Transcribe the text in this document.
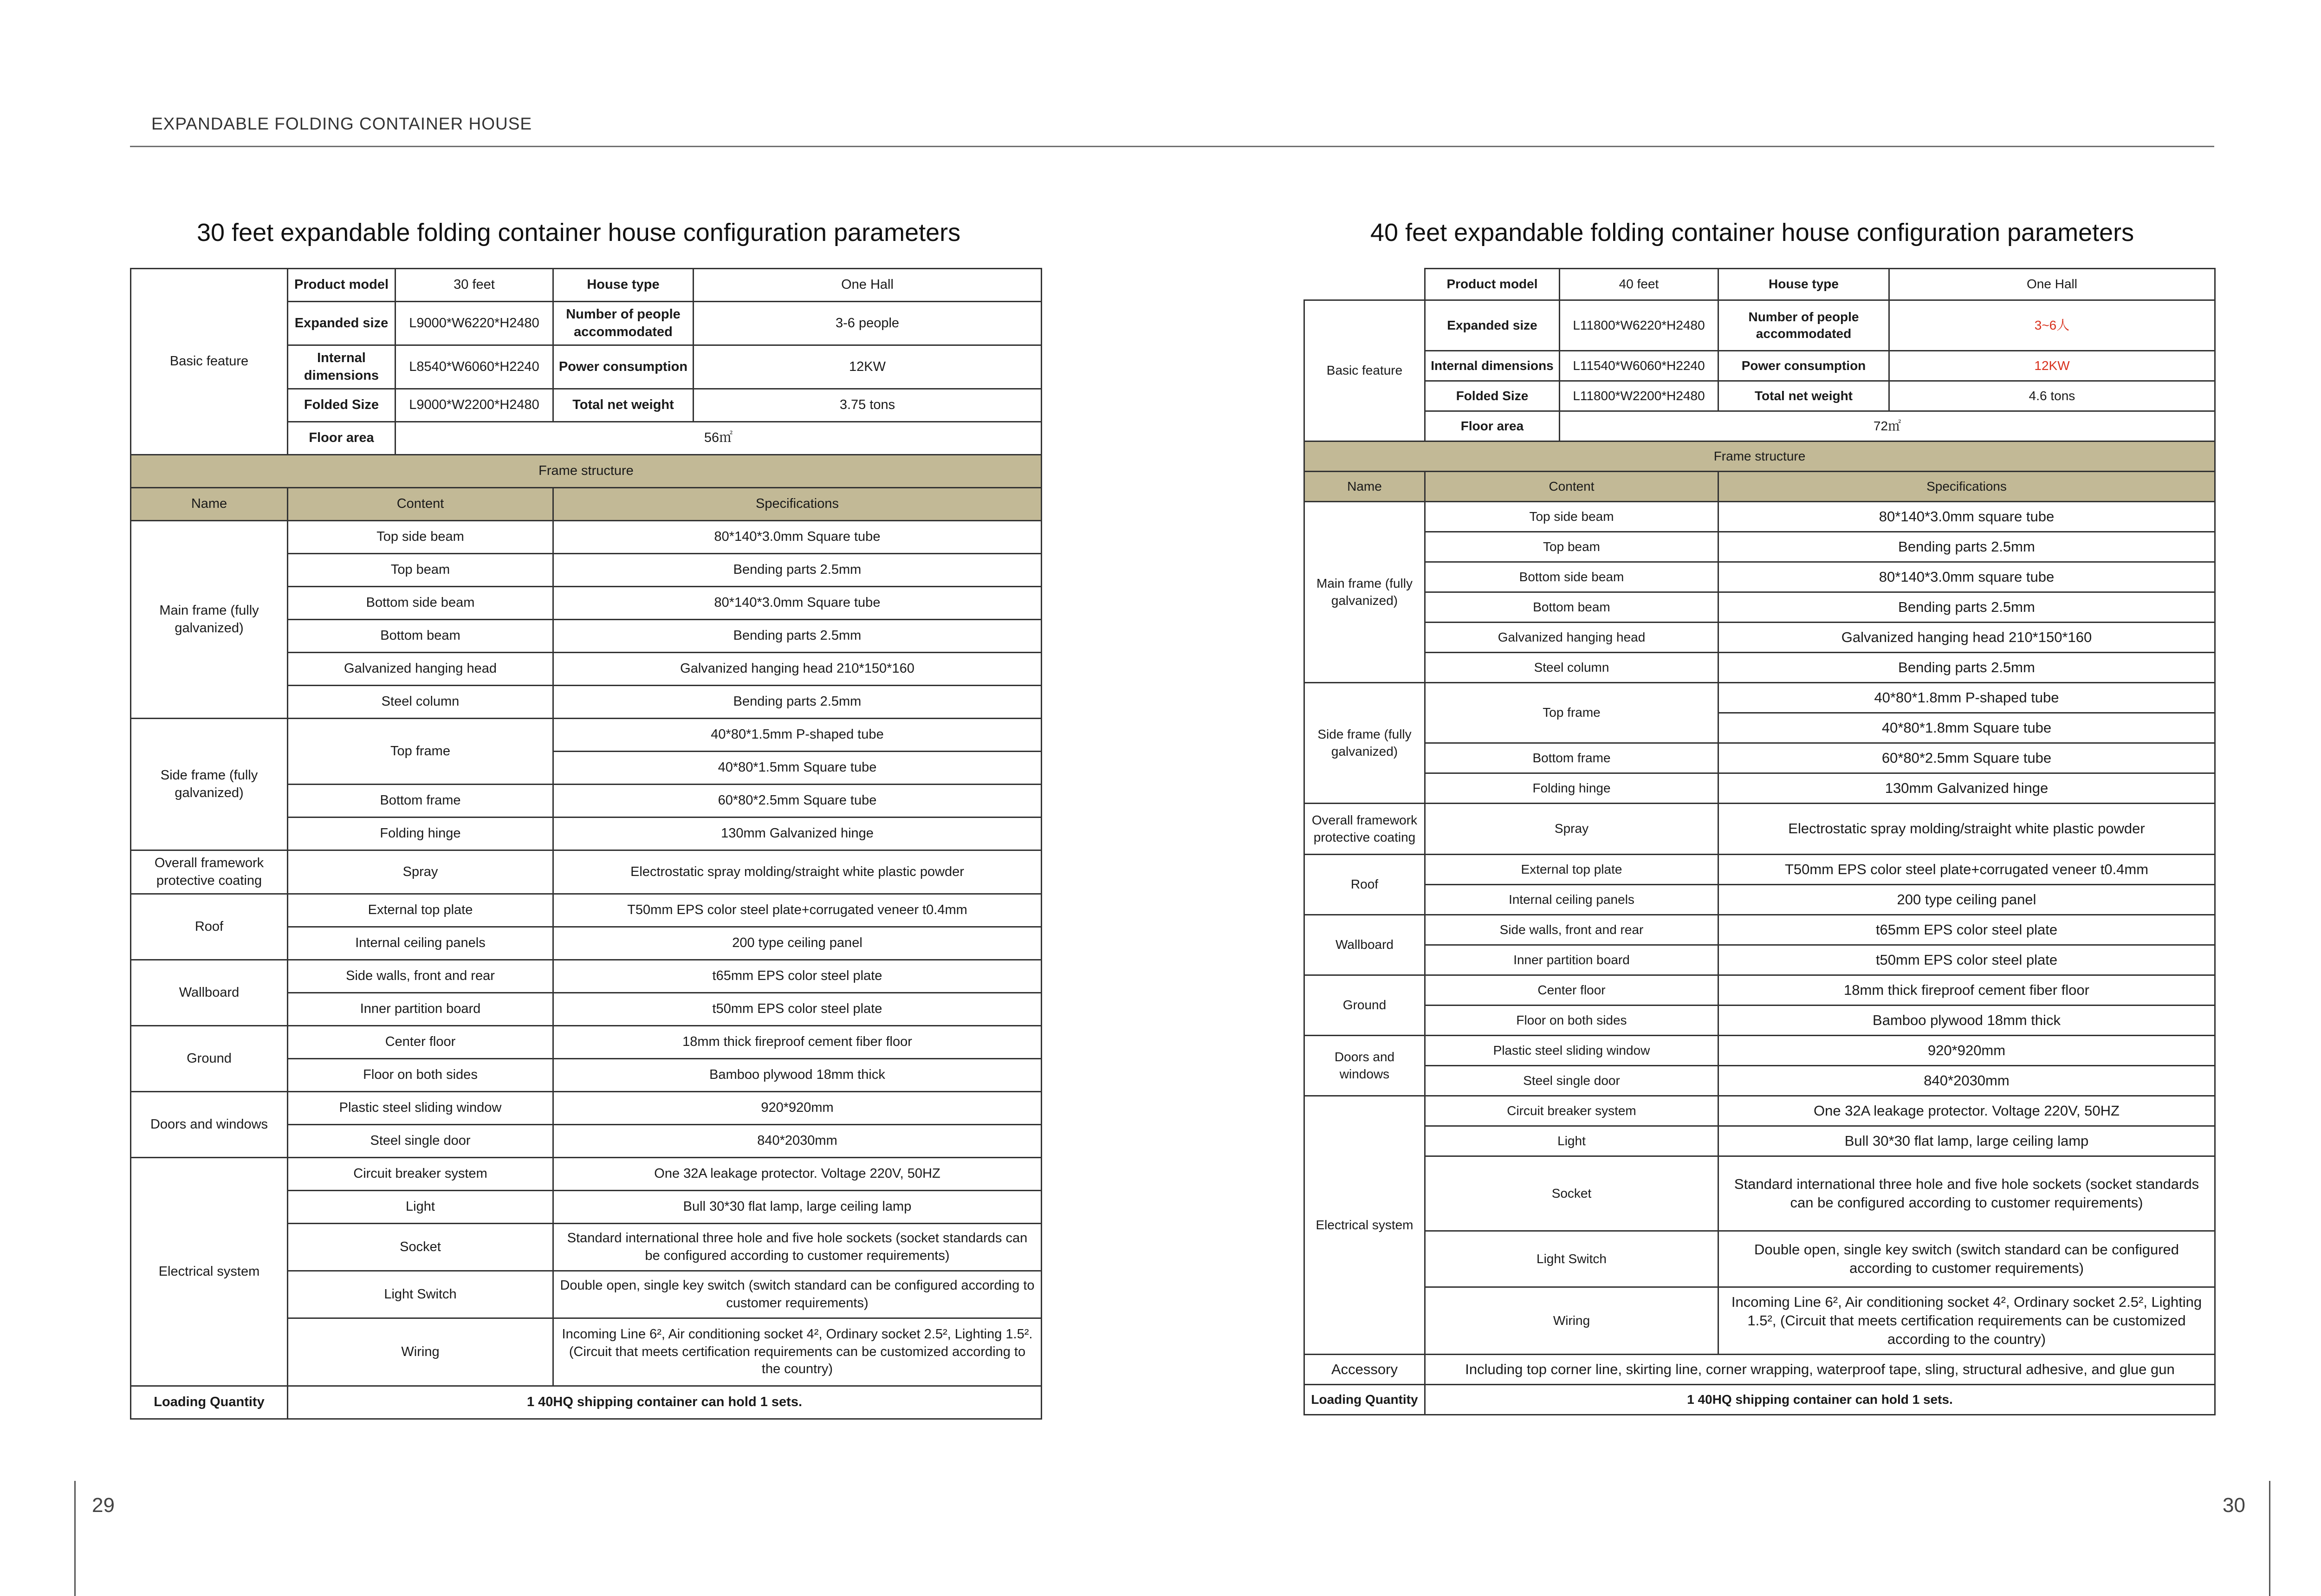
EXPANDABLE FOLDING CONTAINER HOUSE
30 feet expandable folding container house configuration parameters	40 feet expandable folding container house configuration parameters
Basic feature	Product model	30 feet	House type	One Hall
	Expanded size	L9000*W6220*H2480	Number of people accommodated	3-6 people
	Internal dimensions	L8540*W6060*H2240	Power consumption	12KW
	Folded Size	L9000*W2200*H2480	Total net weight	3.75 tons
	Floor area	56㎡		
Frame structure				
Name	Content		Specifications	
Main frame (fully galvanized)	Top side beam		80*140*3.0mm Square tube	
	Top beam		Bending parts 2.5mm	
	Bottom side beam		80*140*3.0mm Square tube	
	Bottom beam		Bending parts 2.5mm	
	Galvanized hanging head		Galvanized hanging head 210*150*160	
	Steel column		Bending parts 2.5mm	
Side frame (fully galvanized)	Top frame		40*80*1.5mm P-shaped tube	
			40*80*1.5mm Square tube	
	Bottom frame		60*80*2.5mm Square tube	
	Folding hinge		130mm Galvanized hinge	
Overall framework protective coating	Spray		Electrostatic spray molding/straight white plastic powder	
Roof	External top plate		T50mm EPS color steel plate+corrugated veneer t0.4mm	
	Internal ceiling panels		200 type ceiling panel	
Wallboard	Side walls, front and rear		t65mm EPS color steel plate	
	Inner partition board		t50mm EPS color steel plate	
Ground	Center floor		18mm thick fireproof cement fiber floor	
	Floor on both sides		Bamboo plywood 18mm thick	
Doors and windows	Plastic steel sliding window		920*920mm	
	Steel single door		840*2030mm	
Electrical system	Circuit breaker system		One 32A leakage protector. Voltage 220V, 50HZ	
	Light		Bull 30*30 flat lamp, large ceiling lamp	
	Socket		Standard international three hole and five hole sockets (socket standards can be configured according to customer requirements)	
	Light Switch		Double open, single key switch (switch standard can be configured according to customer requirements)	
	Wiring		Incoming Line 6², Air conditioning socket 4², Ordinary socket 2.5², Lighting 1.5². (Circuit that meets certification requirements can be customized according to the country)	
Loading Quantity	1 40HQ shipping container can hold 1 sets.			
	Product model	40 feet	House type	One Hall
Basic feature	Expanded size	L11800*W6220*H2480	Number of people accommodated	3~6人
	Internal dimensions	L11540*W6060*H2240	Power consumption	12KW
	Folded Size	L11800*W2200*H2480	Total net weight	4.6 tons
	Floor area	72㎡		
Frame structure				
Name	Content		Specifications	
Main frame (fully galvanized)	Top side beam		80*140*3.0mm square tube	
	Top beam		Bending parts 2.5mm	
	Bottom side beam		80*140*3.0mm square tube	
	Bottom beam		Bending parts 2.5mm	
	Galvanized hanging head		Galvanized hanging head 210*150*160	
	Steel column		Bending parts 2.5mm	
Side frame (fully galvanized)	Top frame		40*80*1.8mm P-shaped tube	
			40*80*1.8mm Square tube	
	Bottom frame		60*80*2.5mm Square tube	
	Folding hinge		130mm Galvanized hinge	
Overall framework protective coating	Spray		Electrostatic spray molding/straight white plastic powder	
Roof	External top plate		T50mm EPS color steel plate+corrugated veneer t0.4mm	
	Internal ceiling panels		200 type ceiling panel	
Wallboard	Side walls, front and rear		t65mm EPS color steel plate	
	Inner partition board		t50mm EPS color steel plate	
Ground	Center floor		18mm thick fireproof cement fiber floor	
	Floor on both sides		Bamboo plywood 18mm thick	
Doors and windows	Plastic steel sliding window		920*920mm	
	Steel single door		840*2030mm	
Electrical system	Circuit breaker system		One 32A leakage protector. Voltage 220V, 50HZ	
	Light		Bull 30*30 flat lamp, large ceiling lamp	
	Socket		Standard international three hole and five hole sockets (socket standards can be configured according to customer requirements)	
	Light Switch		Double open, single key switch (switch standard can be configured according to customer requirements)	
	Wiring		Incoming Line 6², Air conditioning socket 4², Ordinary socket 2.5², Lighting 1.5², (Circuit that meets certification requirements can be customized according to the country)	
Accessory	Including top corner line, skirting line, corner wrapping, waterproof tape, sling, structural adhesive, and glue gun			
Loading Quantity	1 40HQ shipping container can hold 1 sets.			
29	30
